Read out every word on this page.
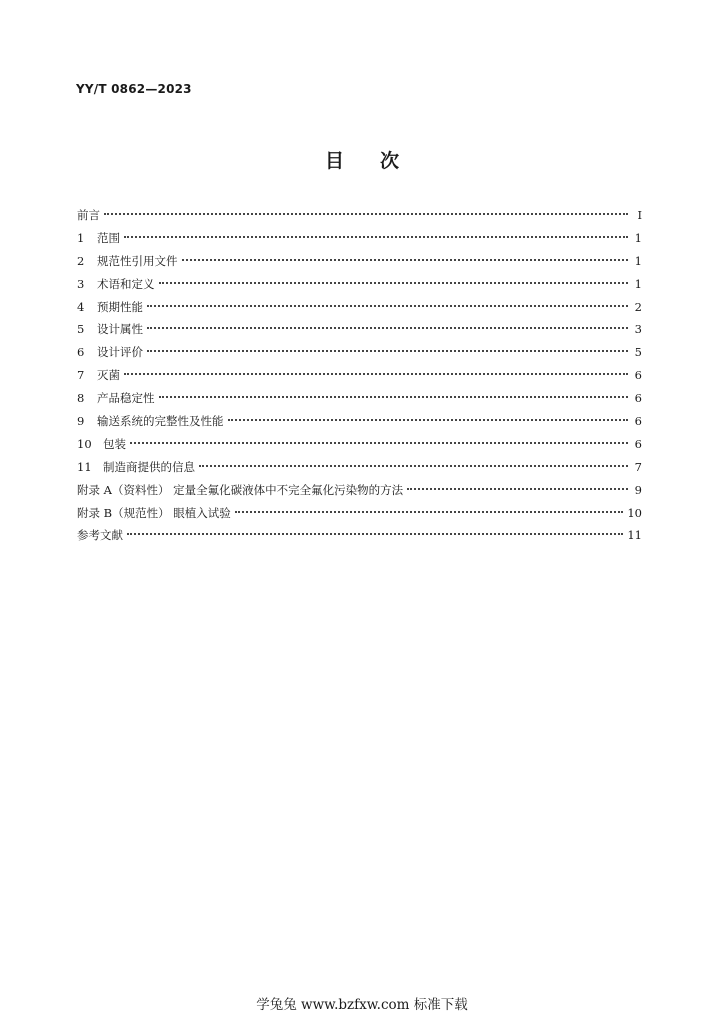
YY/T 0862—2023
目次
前言	Ⅰ
1	范围	1
2	规范性引用文件	1
3	术语和定义	1
4	预期性能	2
5	设计属性	3
6	设计评价	5
7	灭菌	6
8	产品稳定性	6
9	输送系统的完整性及性能	6
10 包装	6
11 制造商提供的信息	7
附录 A（资料性） 定量全氟化碳液体中不完全氟化污染物的方法	9
附录 B（规范性） 眼植入试验	10
参考文献	11
学兔兔 www.bzfxw.com 标准下载
